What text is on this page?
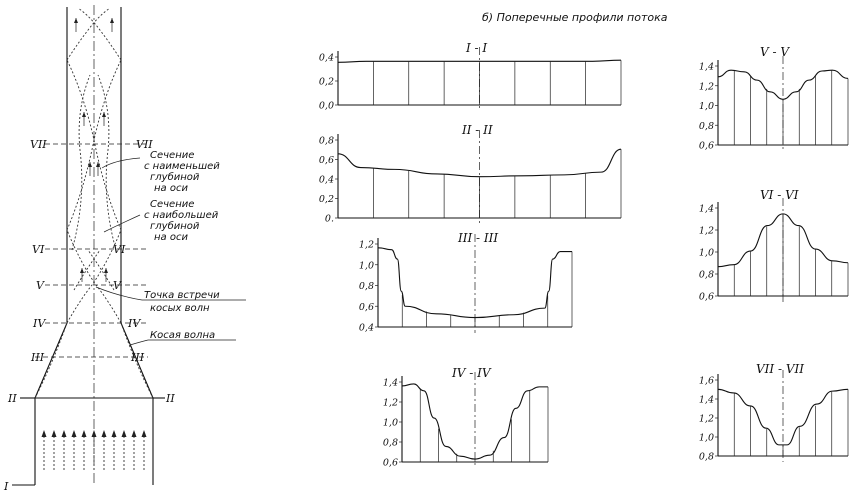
б) Поперечные профили потока
VII	VII
VI	VI
V	V
IV	IV
III	III
II	II
I
Сечение
с наименьшей
глубиной
на оси
Сечение
с наибольшей
глубиной
на оси
Точка встречи
косых волн
Косая волна
I - I
0,4
0,2
0,0
II - II
0,8
0,6
0,4
0,2
0.
III - III
1,2
1,0
0,8
0,6
0,4
IV - IV
1,4
1,2
1,0
0,8
0,6
V - V
1,4
1,2
1,0
0,8
0,6
VI - VI
1,4
1,2
1,0
0,8
0,6
VII - VII
1,6
1,4
1,2
1,0
0,8
